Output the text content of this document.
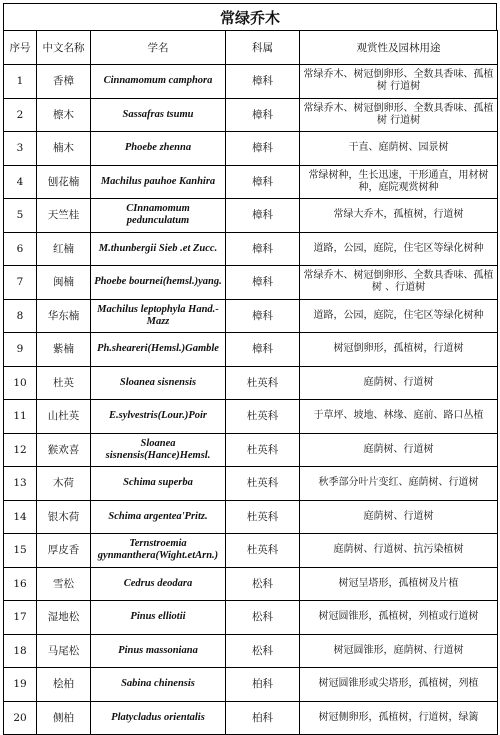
常绿乔木
序号	中文名称	学名	科属	观赏性及园林用途
1	香樟	Cinnamomum camphora	樟科	常绿乔木、树冠倒卵形、全数具香味、孤植树 行道树
2	檫木	Sassafras tsumu	樟科	常绿乔木、树冠倒卵形、全数具香味、孤植树 行道树
3	楠木	Phoebe zhenna	樟科	干直、庭荫树、园景树
4	刨花楠	Machilus pauhoe Kanhira	樟科	常绿树种，生长迅速，干形通直，用材树种，庭院观赏树种
5	天竺桂	CInnamomum pedunculatum	樟科	常绿大乔木，孤植树，行道树
6	红楠	M.thunbergii Sieb .et Zucc.	樟科	道路，公园，庭院，住宅区等绿化树种
7	闽楠	Phoebe bournei(hemsl.)yang.	樟科	常绿乔木、树冠倒卵形、全数具香味、孤植树 、行道树
8	华东楠	Machilus leptophyla Hand.-Mazz	樟科	道路，公园，庭院，住宅区等绿化树种
9	紫楠	Ph.sheareri(Hemsl.)Gamble	樟科	树冠倒卵形，孤植树，行道树
10	杜英	Sloanea sisnensis	杜英科	庭荫树、行道树
11	山杜英	E.sylvestris(Lour.)Poir	杜英科	于草坪、坡地、林缘、庭前、路口丛植
12	猴欢喜	Sloanea sisnensis(Hance)Hemsl.	杜英科	庭荫树、行道树
13	木荷	Schima superba	杜英科	秋季部分叶片变红、庭荫树、行道树
14	银木荷	Schima argentea'Pritz.	杜英科	庭荫树、行道树
15	厚皮香	Ternstroemia gynmanthera(Wight.etArn.)	杜英科	庭荫树、行道树、抗污染植树
16	雪松	Cedrus deodara	松科	树冠呈塔形，孤植树及片植
17	湿地松	Pinus elliotii	松科	树冠圆锥形，孤植树，列植或行道树
18	马尾松	Pinus massoniana	松科	树冠圆锥形，庭荫树、行道树
19	桧柏	Sabina chinensis	柏科	树冠圆锥形或尖塔形，孤植树，列植
20	侧柏	Platycladus orientalis	柏科	树冠侧卵形，孤植树，行道树，绿篱
